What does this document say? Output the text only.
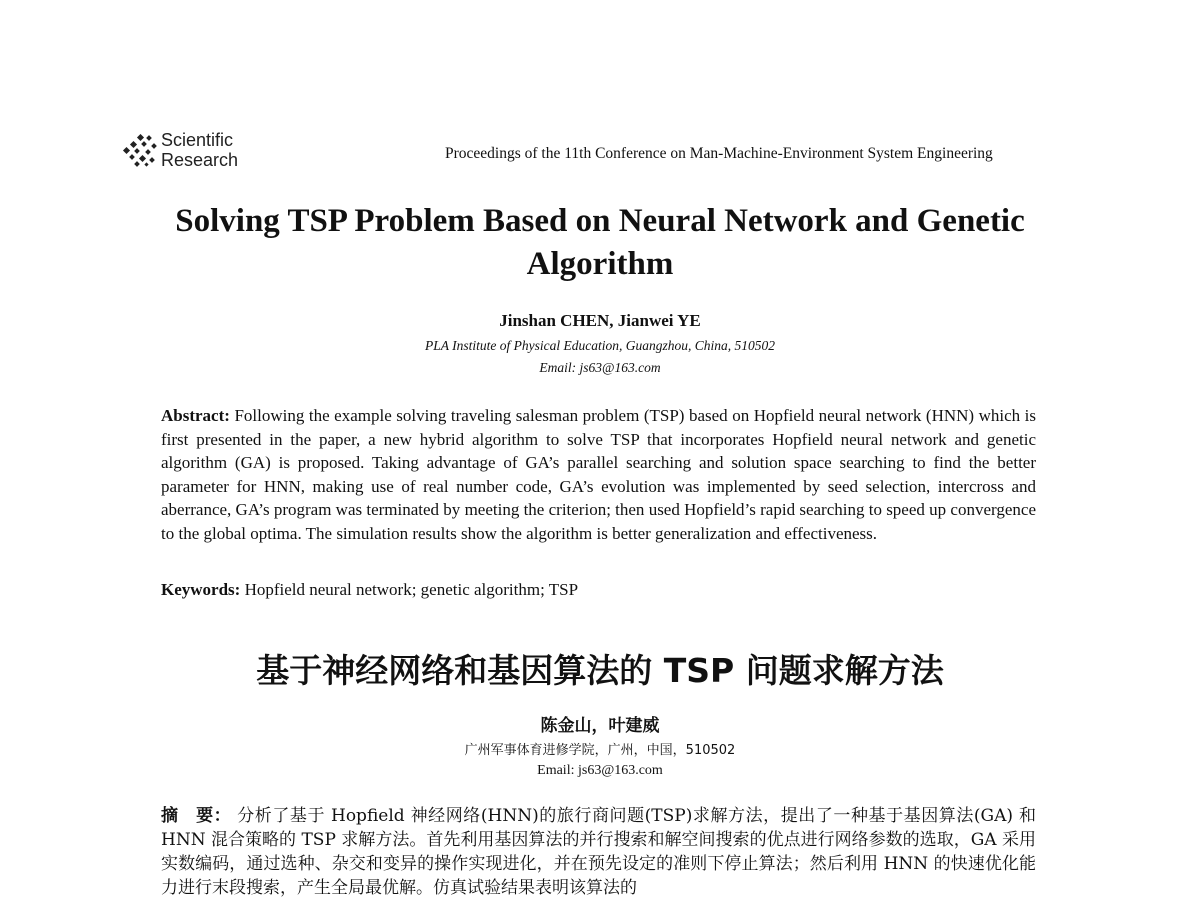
Scientific
Research	Proceedings of the 11th Conference on Man-Machine-Environment System Engineering
Solving TSP Problem Based on Neural Network and Genetic Algorithm
Jinshan CHEN, Jianwei YE
PLA Institute of Physical Education, Guangzhou, China, 510502
Email: js63@163.com
Abstract: Following the example solving traveling salesman problem (TSP) based on Hopfield neural network (HNN) which is first presented in the paper, a new hybrid algorithm to solve TSP that incorporates Hopfield neural network and genetic algorithm (GA) is proposed. Taking advantage of GA’s parallel searching and solution space searching to find the better parameter for HNN, making use of real number code, GA’s evolution was implemented by seed selection, intercross and aberrance, GA’s program was terminated by meeting the criterion; then used Hopfield’s rapid searching to speed up convergence to the global optima. The simulation results show the algorithm is better generalization and effectiveness.
Keywords: Hopfield neural network; genetic algorithm; TSP
基于神经网络和基因算法的 TSP 问题求解方法
陈金山，叶建威
广州军事体育进修学院，广州，中国，510502
Email: js63@163.com
摘　要： 分析了基于 Hopfield 神经网络(HNN)的旅行商问题(TSP)求解方法，提出了一种基于基因算法(GA) 和 HNN 混合策略的 TSP 求解方法。首先利用基因算法的并行搜索和解空间搜索的优点进行网络参数的选取，GA 采用实数编码，通过选种、杂交和变异的操作实现进化，并在预先设定的准则下停止算法；然后利用 HNN 的快速优化能力进行末段搜索，产生全局最优解。仿真试验结果表明该算法的
